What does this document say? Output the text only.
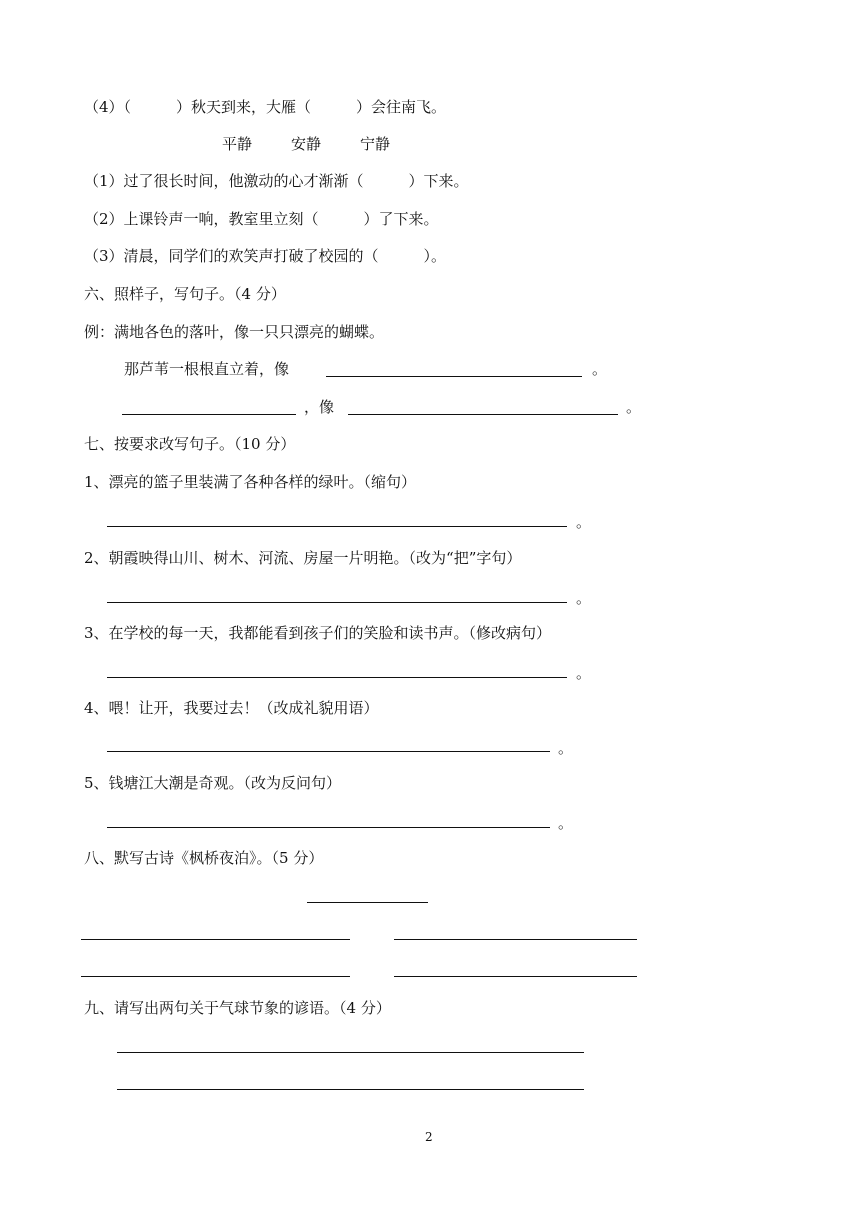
（4）（　　　）秋天到来，大雁（　　　）会往南飞。
平静	安静	宁静
（1）过了很长时间，他激动的心才渐渐（　　　）下来。
（2）上课铃声一响，教室里立刻（　　　）了下来。
（3）清晨，同学们的欢笑声打破了校园的（　　　）。
六、照样子，写句子。（4 分）
例：满地各色的落叶，像一只只漂亮的蝴蝶。
那芦苇一根根直立着，像	。
，像	。
七、按要求改写句子。（10 分）
1、漂亮的篮子里装满了各种各样的绿叶。（缩句）
。
2、朝霞映得山川、树木、河流、房屋一片明艳。（改为“把”字句）
。
3、在学校的每一天，我都能看到孩子们的笑脸和读书声。（修改病句）
。
4、喂！让开，我要过去！（改成礼貌用语）
。
5、钱塘江大潮是奇观。（改为反问句）
。
八、默写古诗《枫桥夜泊》。（5 分）
九、请写出两句关于气球节象的谚语。（4 分）
2
